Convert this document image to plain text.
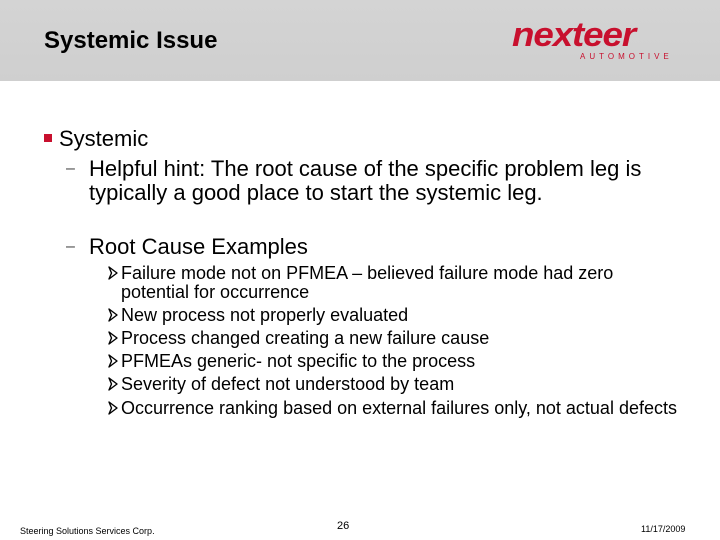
Systemic Issue	nexteer
AUTOMOTIVE
Systemic
– Helpful hint: The root cause of the specific problem leg is typically a good place to start the systemic leg.
– Root Cause Examples
Failure mode not on PFMEA – believed failure mode had zero potential for occurrence
New process not properly evaluated
Process changed creating a new failure cause
PFMEAs generic- not specific to the process
Severity of defect not understood by team
Occurrence ranking based on external failures only, not actual defects
Steering Solutions Services Corp.	26	11/17/2009
